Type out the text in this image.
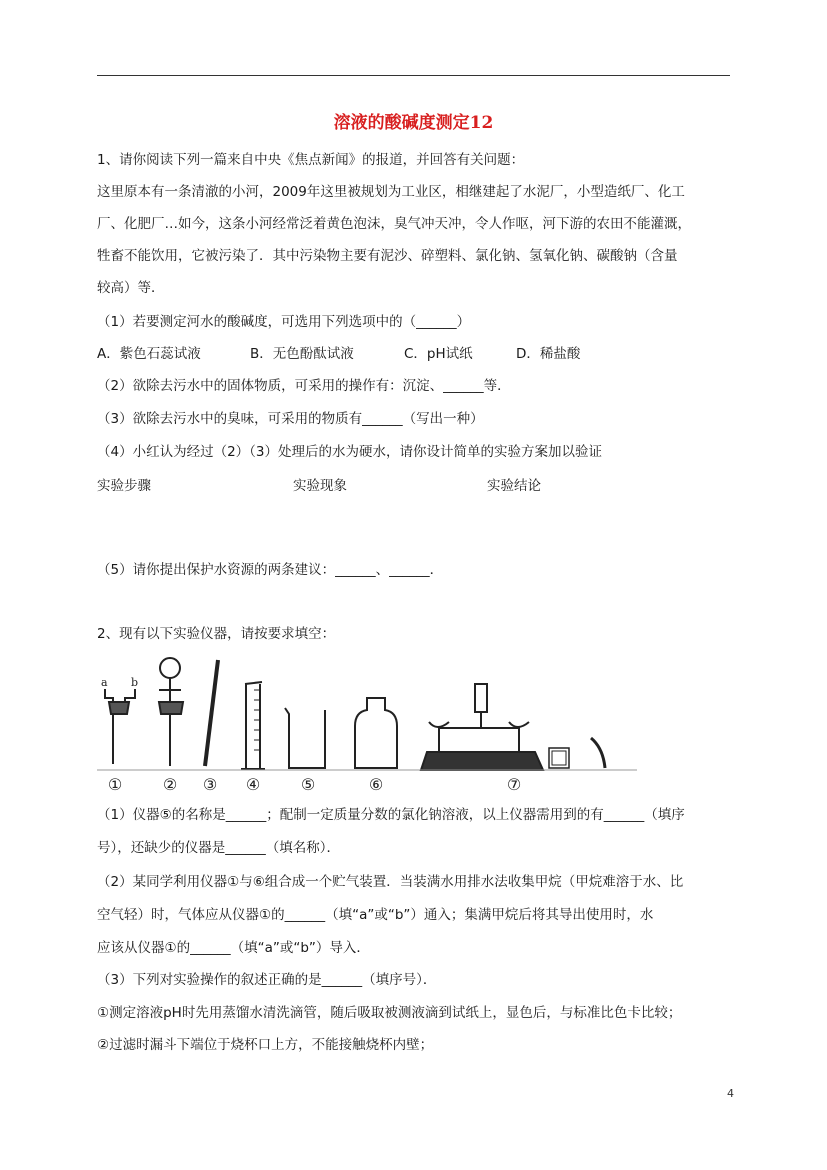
溶液的酸碱度测定12
1、请你阅读下列一篇来自中央《焦点新闻》的报道，并回答有关问题：
这里原本有一条清澈的小河，2009年这里被规划为工业区，相继建起了水泥厂，小型造纸厂、化工
厂、化肥厂…如今，这条小河经常泛着黄色泡沫，臭气冲天冲，令人作呕，河下游的农田不能灌溉，
牲畜不能饮用，它被污染了．其中污染物主要有泥沙、碎塑料、氯化钠、氢氧化钠、碳酸钠（含量
较高）等．
（1）若要测定河水的酸碱度，可选用下列选项中的（______）
A．紫色石蕊试液	B．无色酚酞试液	C．pH试纸	D．稀盐酸
（2）欲除去污水中的固体物质，可采用的操作有：沉淀、______等．
（3）欲除去污水中的臭味，可采用的物质有______（写出一种）
（4）小红认为经过（2）（3）处理后的水为硬水，请你设计简单的实验方案加以验证
实验步骤	实验现象	实验结论
（5）请你提出保护水资源的两条建议：______、______．
2、现有以下实验仪器，请按要求填空：
a b
①	② ③ ④	⑤	⑥	⑦
（1）仪器⑤的名称是______；配制一定质量分数的氯化钠溶液，以上仪器需用到的有______（填序
号），还缺少的仪器是______（填名称）．
（2）某同学利用仪器①与⑥组合成一个贮气装置．当装满水用排水法收集甲烷（甲烷难溶于水、比
空气轻）时，气体应从仪器①的______（填“a”或“b”）通入；集满甲烷后将其导出使用时，水
应该从仪器①的______（填“a”或“b”）导入．
（3）下列对实验操作的叙述正确的是______（填序号）．
①测定溶液pH时先用蒸馏水清洗滴管，随后吸取被测液滴到试纸上，显色后，与标准比色卡比较；
②过滤时漏斗下端位于烧杯口上方，不能接触烧杯内壁；
4
